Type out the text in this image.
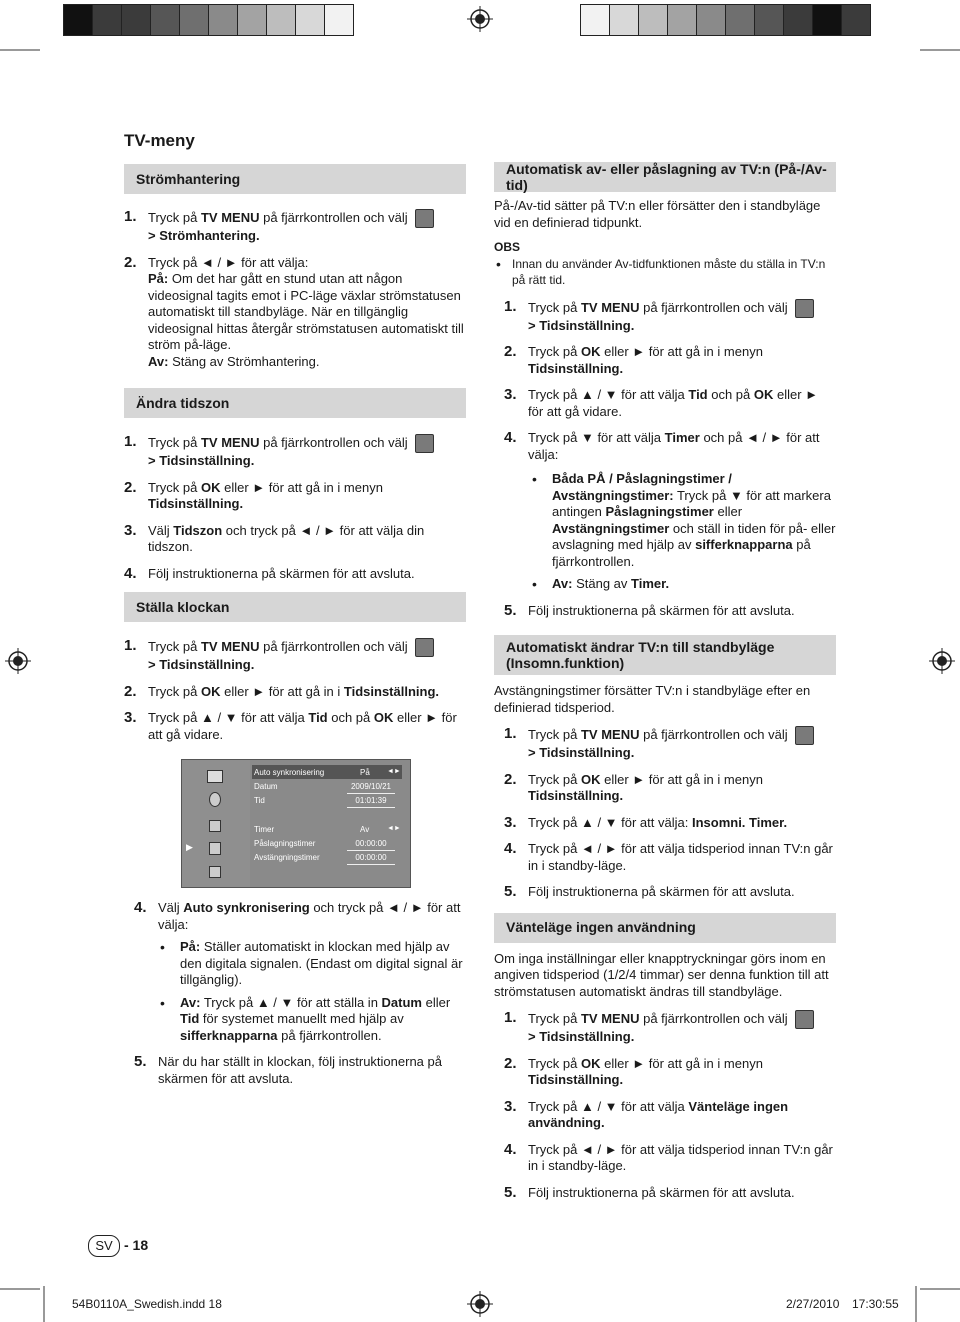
TV-meny
Strömhantering
1. Tryck på TV MENU på fjärrkontrollen och välj
> Strömhantering.
2. Tryck på ◄ / ► för att välja:
På: Om det har gått en stund utan att någon videosignal tagits emot i PC-läge växlar strömstatusen automatiskt till standbyläge. När en tillgänglig videosignal hittas återgår strömstatusen automatiskt till ström på-läge.
Av: Stäng av Strömhantering.
Ändra tidszon
1. Tryck på TV MENU på fjärrkontrollen och välj
> Tidsinställning.
2. Tryck på OK eller ► för att gå in i menyn
Tidsinställning.
3. Välj Tidszon och tryck på ◄ / ► för att välja din tidszon.
4. Följ instruktionerna på skärmen för att avsluta.
Ställa klockan
1. Tryck på TV MENU på fjärrkontrollen och välj
> Tidsinställning.
2. Tryck på OK eller ► för att gå in i Tidsinställning.
3. Tryck på ▲ / ▼ för att välja Tid och på OK eller ► för att gå vidare.
▶
Auto synkronisering	På ◄►
Datum	2009/10/21
Tid	01:01:39
Timer	Av	◄►
Påslagningstimer	00:00:00
Avstängningstimer	00:00:00
4. Välj Auto synkronisering och tryck på ◄ / ► för att välja:
• På: Ställer automatiskt in klockan med hjälp av den digitala signalen. (Endast om digital signal är tillgänglig).
• Av: Tryck på ▲ / ▼ för att ställa in Datum eller Tid för systemet manuellt med hjälp av sifferknapparna på fjärrkontrollen.
5. När du har ställt in klockan, följ instruktionerna på skärmen för att avsluta.
Automatisk av- eller påslagning av TV:n (På-/Av-tid)
På-/Av-tid sätter på TV:n eller försätter den i standbyläge vid en definierad tidpunkt.
OBS
• Innan du använder Av-tidfunktionen måste du ställa in TV:n på rätt tid.
1. Tryck på TV MENU på fjärrkontrollen och välj
> Tidsinställning.
2. Tryck på OK eller ► för att gå in i menyn
Tidsinställning.
3. Tryck på ▲ / ▼ för att välja Tid och på OK eller ► för att gå vidare.
4. Tryck på ▼ för att välja Timer och på ◄ / ► för att välja:
• Båda PÅ / Påslagningstimer / Avstängningstimer: Tryck på ▼ för att markera antingen Påslagningstimer eller Avstängningstimer och ställ in tiden för på- eller avslagning med hjälp av sifferknapparna på fjärrkontrollen.
• Av: Stäng av Timer.
5. Följ instruktionerna på skärmen för att avsluta.
Automatiskt ändrar TV:n till standbyläge
(Insomn.funktion)
Avstängningstimer försätter TV:n i standbyläge efter en definierad tidsperiod.
1. Tryck på TV MENU på fjärrkontrollen och välj
> Tidsinställning.
2. Tryck på OK eller ► för att gå in i menyn
Tidsinställning.
3. Tryck på ▲ / ▼ för att välja: Insomni. Timer.
4. Tryck på ◄ / ► för att välja tidsperiod innan TV:n går in i standby-läge.
5. Följ instruktionerna på skärmen för att avsluta.
Vänteläge ingen användning
Om inga inställningar eller knapptryckningar görs inom en angiven tidsperiod (1/2/4 timmar) ser denna funktion till att strömstatusen automatiskt ändras till standbyläge.
1. Tryck på TV MENU på fjärrkontrollen och välj
> Tidsinställning.
2. Tryck på OK eller ► för att gå in i menyn
Tidsinställning.
3. Tryck på ▲ / ▼ för att välja Vänteläge ingen användning.
4. Tryck på ◄ / ► för att välja tidsperiod innan TV:n går in i standby-läge.
5. Följ instruktionerna på skärmen för att avsluta.
SV - 18
54B0110A_Swedish.indd 18	2/27/2010 17:30:55
